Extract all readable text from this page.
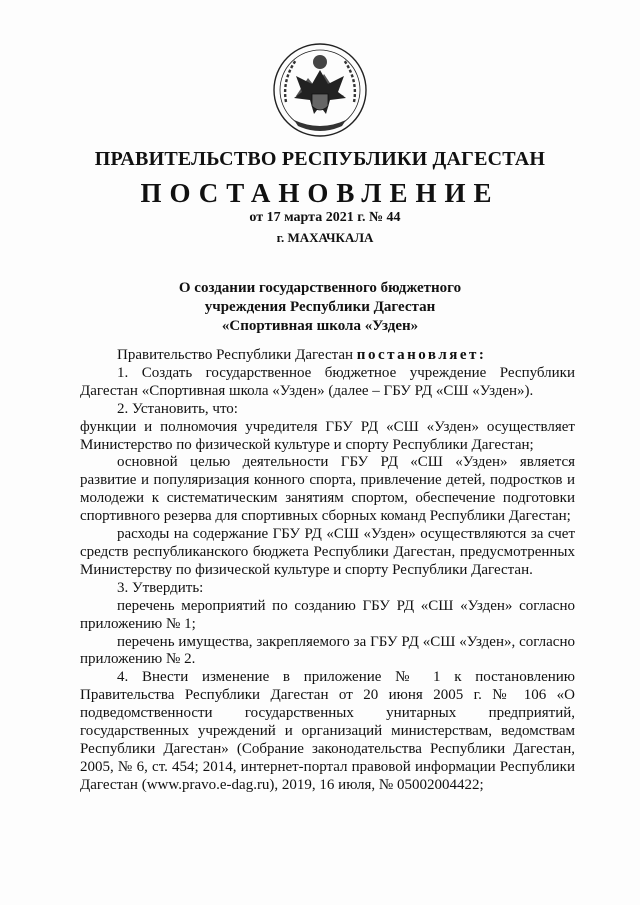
ПРАВИТЕЛЬСТВО РЕСПУБЛИКИ ДАГЕСТАН
ПОСТАНОВЛЕНИЕ
от 17 марта 2021 г. № 44
г. МАХАЧКАЛА
О создании государственного бюджетного
учреждения Республики Дагестан
«Спортивная школа «Узден»

Правительство Республики Дагестан постановляет:

1. Создать государственное бюджетное учреждение Республики Дагестан «Спортивная школа «Узден» (далее – ГБУ РД «СШ «Узден»).

2. Установить, что:

функции и полномочия учредителя ГБУ РД «СШ «Узден» осуществляет Министерство по физической культуре и спорту Республики Дагестан;

основной целью деятельности ГБУ РД «СШ «Узден» является развитие и популяризация конного спорта, привлечение детей, подростков и молодежи к систематическим занятиям спортом, обеспечение подготовки спортивного резерва для спортивных сборных команд Республики Дагестан;

расходы на содержание ГБУ РД «СШ «Узден» осуществляются за счет средств республиканского бюджета Республики Дагестан, предусмотренных Министерству по физической культуре и спорту Республики Дагестан.

3. Утвердить:

перечень мероприятий по созданию ГБУ РД «СШ «Узден» согласно приложению № 1;

перечень имущества, закрепляемого за ГБУ РД «СШ «Узден», согласно приложению № 2.

4. Внести изменение в приложение № 1 к постановлению Правительства Республики Дагестан от 20 июня 2005 г. № 106 «О подведомственности государственных унитарных предприятий, государственных учреждений и организаций министерствам, ведомствам Республики Дагестан» (Собрание законодательства Республики Дагестан, 2005, № 6, ст. 454; 2014, интернет-портал правовой информации Республики Дагестан (www.pravo.e-dag.ru), 2019, 16 июля, № 05002004422;
